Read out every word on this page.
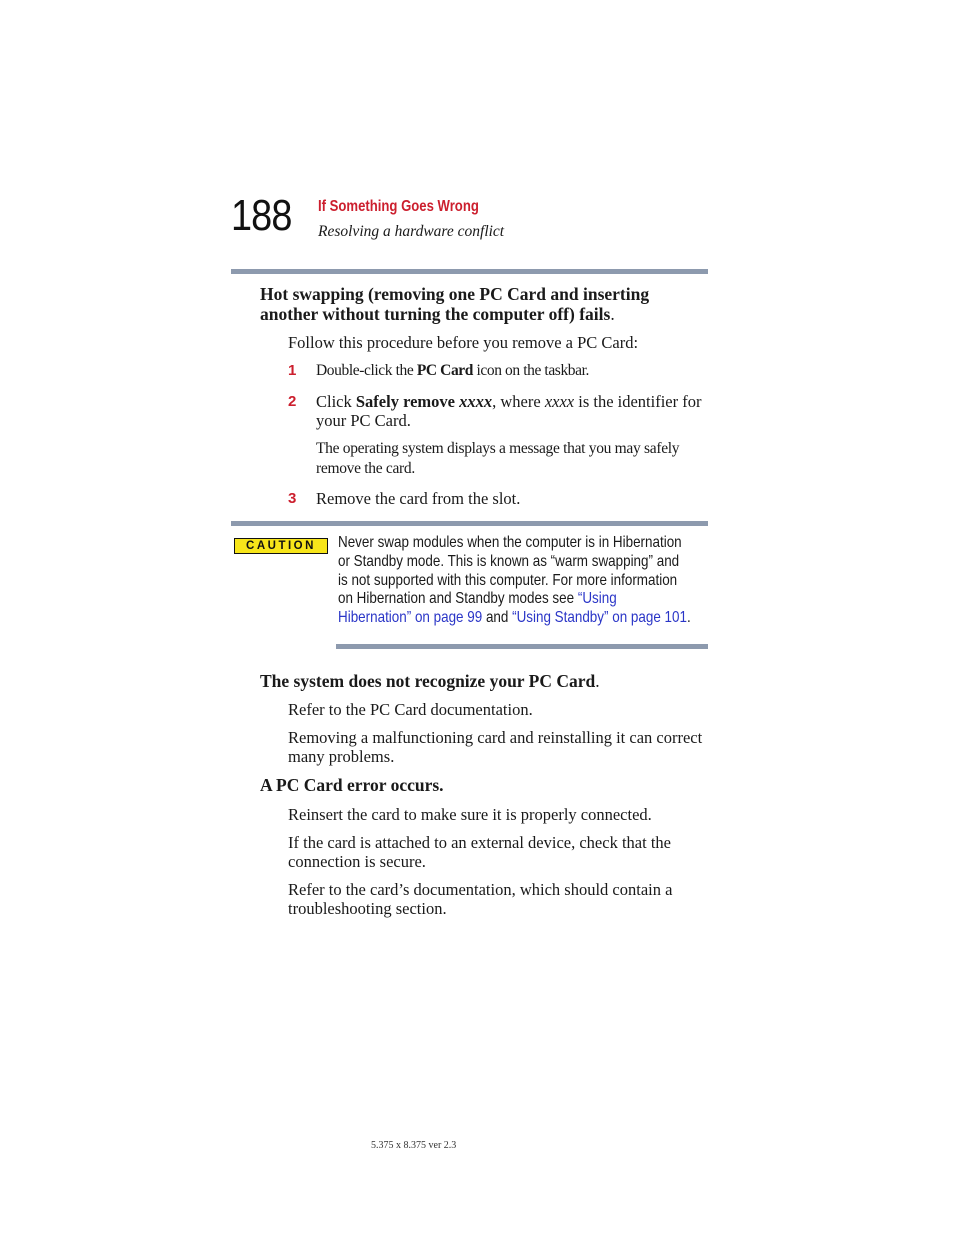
188 If Something Goes Wrong
Resolving a hardware conflict
Hot swapping (removing one PC Card and inserting another without turning the computer off) fails.
Follow this procedure before you remove a PC Card:
1 Double-click the PC Card icon on the taskbar.
2 Click Safely remove xxxx, where xxxx is the identifier for your PC Card.
The operating system displays a message that you may safely remove the card.
3 Remove the card from the slot.
CAUTION	Never swap modules when the computer is in Hibernation or Standby mode. This is known as “warm swapping” and is not supported with this computer. For more information on Hibernation and Standby modes see “Using Hibernation” on page 99 and “Using Standby” on page 101.
The system does not recognize your PC Card.
Refer to the PC Card documentation.
Removing a malfunctioning card and reinstalling it can correct many problems.
A PC Card error occurs.
Reinsert the card to make sure it is properly connected.
If the card is attached to an external device, check that the connection is secure.
Refer to the card’s documentation, which should contain a troubleshooting section.
5.375 x 8.375 ver 2.3
